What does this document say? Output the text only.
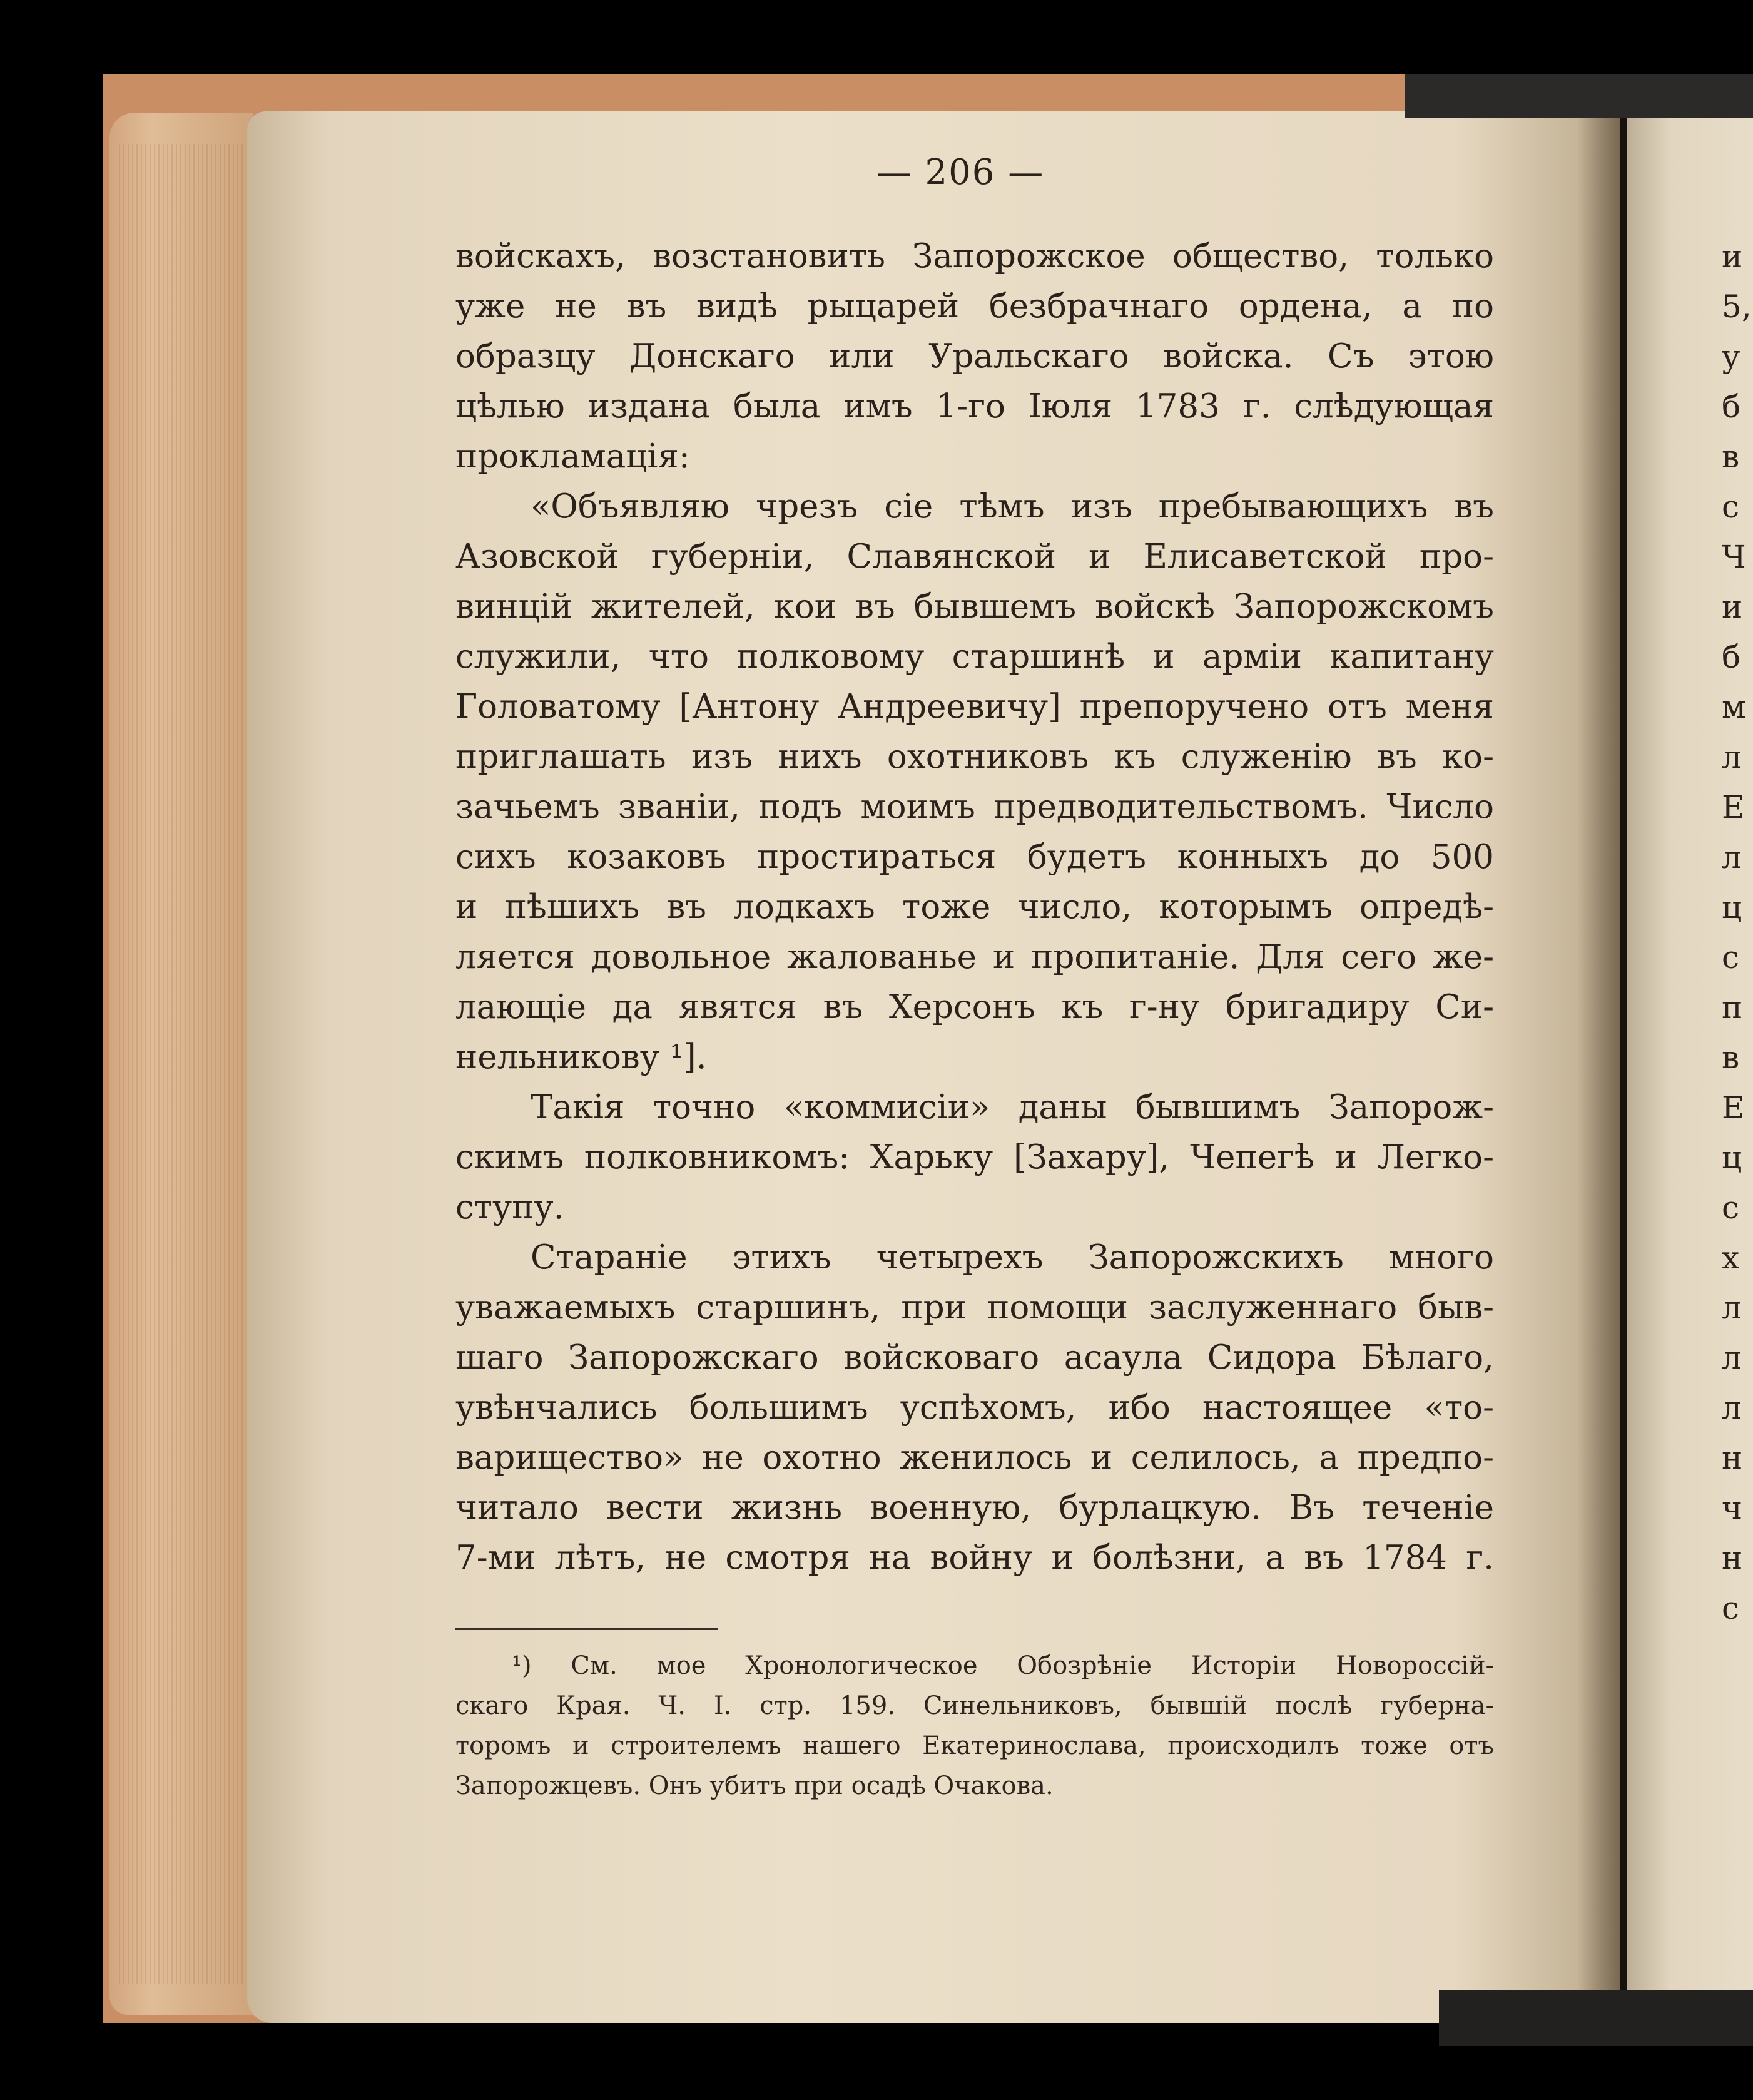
— 206 —
войскахъ, возстановить Запорожское общество, только
уже не въ видѣ рыцарей безбрачнаго ордена, а по
образцу Донскаго или Уральскаго войска. Съ этою
цѣлью издана была имъ 1-го Іюля 1783 г. слѣдующая
прокламація:
«Объявляю чрезъ сіе тѣмъ изъ пребывающихъ въ
Азовской губерніи, Славянской и Елисаветской про-
винцій жителей, кои въ бывшемъ войскѣ Запорожскомъ
служили, что полковому старшинѣ и арміи капитану
Головатому [Антону Андреевичу] препоручено отъ меня
приглашать изъ нихъ охотниковъ къ служенію въ ко-
зачьемъ званіи, подъ моимъ предводительствомъ. Число
сихъ козаковъ простираться будетъ конныхъ до 500
и пѣшихъ въ лодкахъ тоже число, которымъ опредѣ-
ляется довольное жалованье и пропитаніе. Для сего же-
лающіе да явятся въ Херсонъ къ г-ну бригадиру Си-
нельникову ¹].
Такія точно «коммисіи» даны бывшимъ Запорож-
скимъ полковникомъ: Харьку [Захару], Чепегѣ и Легко-
ступу.
Стараніе этихъ четырехъ Запорожскихъ много
уважаемыхъ старшинъ, при помощи заслуженнаго быв-
шаго Запорожскаго войсковаго асаула Сидора Бѣлаго,
увѣнчались большимъ успѣхомъ, ибо настоящее «то-
варищество» не охотно женилось и селилось, а предпо-
читало вести жизнь военную, бурлацкую. Въ теченіе
7-ми лѣтъ, не смотря на войну и болѣзни, а въ 1784 г.
¹) См. мое Хронологическое Обозрѣніе Исторіи Новороссій-
скаго Края. Ч. I. стр. 159. Синельниковъ, бывшій послѣ губерна-
торомъ и строителемъ нашего Екатеринослава, происходилъ тоже отъ
Запорожцевъ. Онъ убитъ при осадѣ Очакова.
и
5,
у
б
в
с
Ч
и
б
м
л
Е
л
ц
с
п
в
Е
ц
с
х
л
л
л
н
ч
н
с
